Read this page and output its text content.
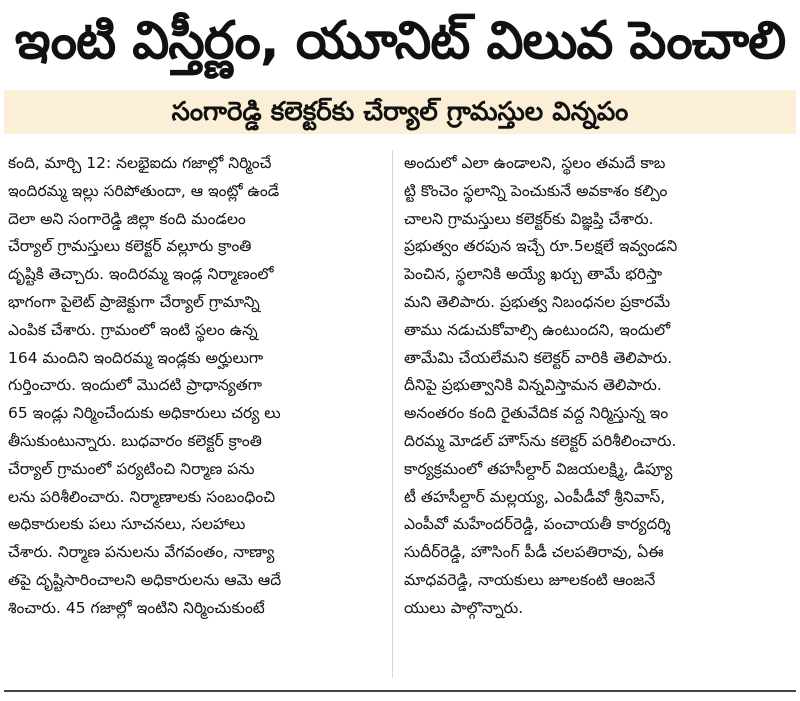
ఇంటి విస్తీర్ణం, యూనిట్ విలువ పెంచాలి
సంగారెడ్డి కలెక్టర్‌కు చేర్యాల్ గ్రామస్తుల విన్నపం
కంది, మార్చి 12: నలభైఐదు గజాల్లో నిర్మించే
ఇందిరమ్మ ఇల్లు సరిపోతుందా, ఆ ఇంట్లో ఉండే
దెలా అని సంగారెడ్డి జిల్లా కంది మండలం
చేర్యాల్ గ్రామస్తులు కలెక్టర్ వల్లూరు క్రాంతి
దృష్టికి తెచ్చారు. ఇందిరమ్మ ఇండ్ల నిర్మాణంలో
భాగంగా పైలెట్ ప్రాజెక్టుగా చేర్యాల్ గ్రామాన్ని
ఎంపిక చేశారు. గ్రామంలో ఇంటి స్థలం ఉన్న
164 మందిని ఇందిరమ్మ ఇండ్లకు అర్హులుగా
గుర్తించారు. ఇందులో మొదటి ప్రాధాన్యతగా
65 ఇండ్లు నిర్మించేందుకు అధికారులు చర్య లు
తీసుకుంటున్నారు. బుధవారం కలెక్టర్ క్రాంతి
చేర్యాల్ గ్రామంలో పర్యటించి నిర్మాణ పను
లను పరిశీలించారు. నిర్మాణాలకు సంబంధించి
అధికారులకు పలు సూచనలు, సలహాలు
చేశారు. నిర్మాణ పనులను వేగవంతం, నాణ్యా
తపై దృష్టిసారించాలని అధికారులను ఆమె ఆదే
శించారు. 45 గజాల్లో ఇంటిని నిర్మించుకుంటే
అందులో ఎలా ఉండాలని, స్థలం తమదే కాబ
ట్టి కొంచెం స్థలాన్ని పెంచుకునే అవకాశం కల్పిం
చాలని గ్రామస్తులు కలెక్టర్‌కు విజ్ఞప్తి చేశారు.
ప్రభుత్వం తరపున ఇచ్చే రూ.5లక్షలే ఇవ్వండని
పెంచిన, స్థలానికి అయ్యే ఖర్చు తామే భరిస్తా
మని తెలిపారు. ప్రభుత్వ నిబంధనల ప్రకారమే
తాము నడుచుకోవాల్సి ఉంటుందని, ఇందులో
తామేమి చేయలేమని కలెక్టర్ వారికి తెలిపారు.
దీనిపై ప్రభుత్వానికి విన్నవిస్తామన తెలిపారు.
అనంతరం కంది రైతువేదిక వద్ద నిర్మిస్తున్న ఇం
దిరమ్మ మోడల్ హౌస్‌ను కలెక్టర్ పరిశీలించారు.
కార్యక్రమంలో తహసీల్దార్ విజయలక్ష్మి, డిప్యూ
టీ తహసీల్దార్ మల్లయ్య, ఎంపీడీవో శ్రీనివాస్,
ఎంపీవో మహేందర్‌రెడ్డి, పంచాయతీ కార్యదర్శి
సుదీర్‌రెడ్డి, హౌసింగ్ పీడీ చలపతిరావు, ఏఈ
మాధవరెడ్డి, నాయకులు జూలకంటి ఆంజనే
యులు పాల్గొన్నారు.
